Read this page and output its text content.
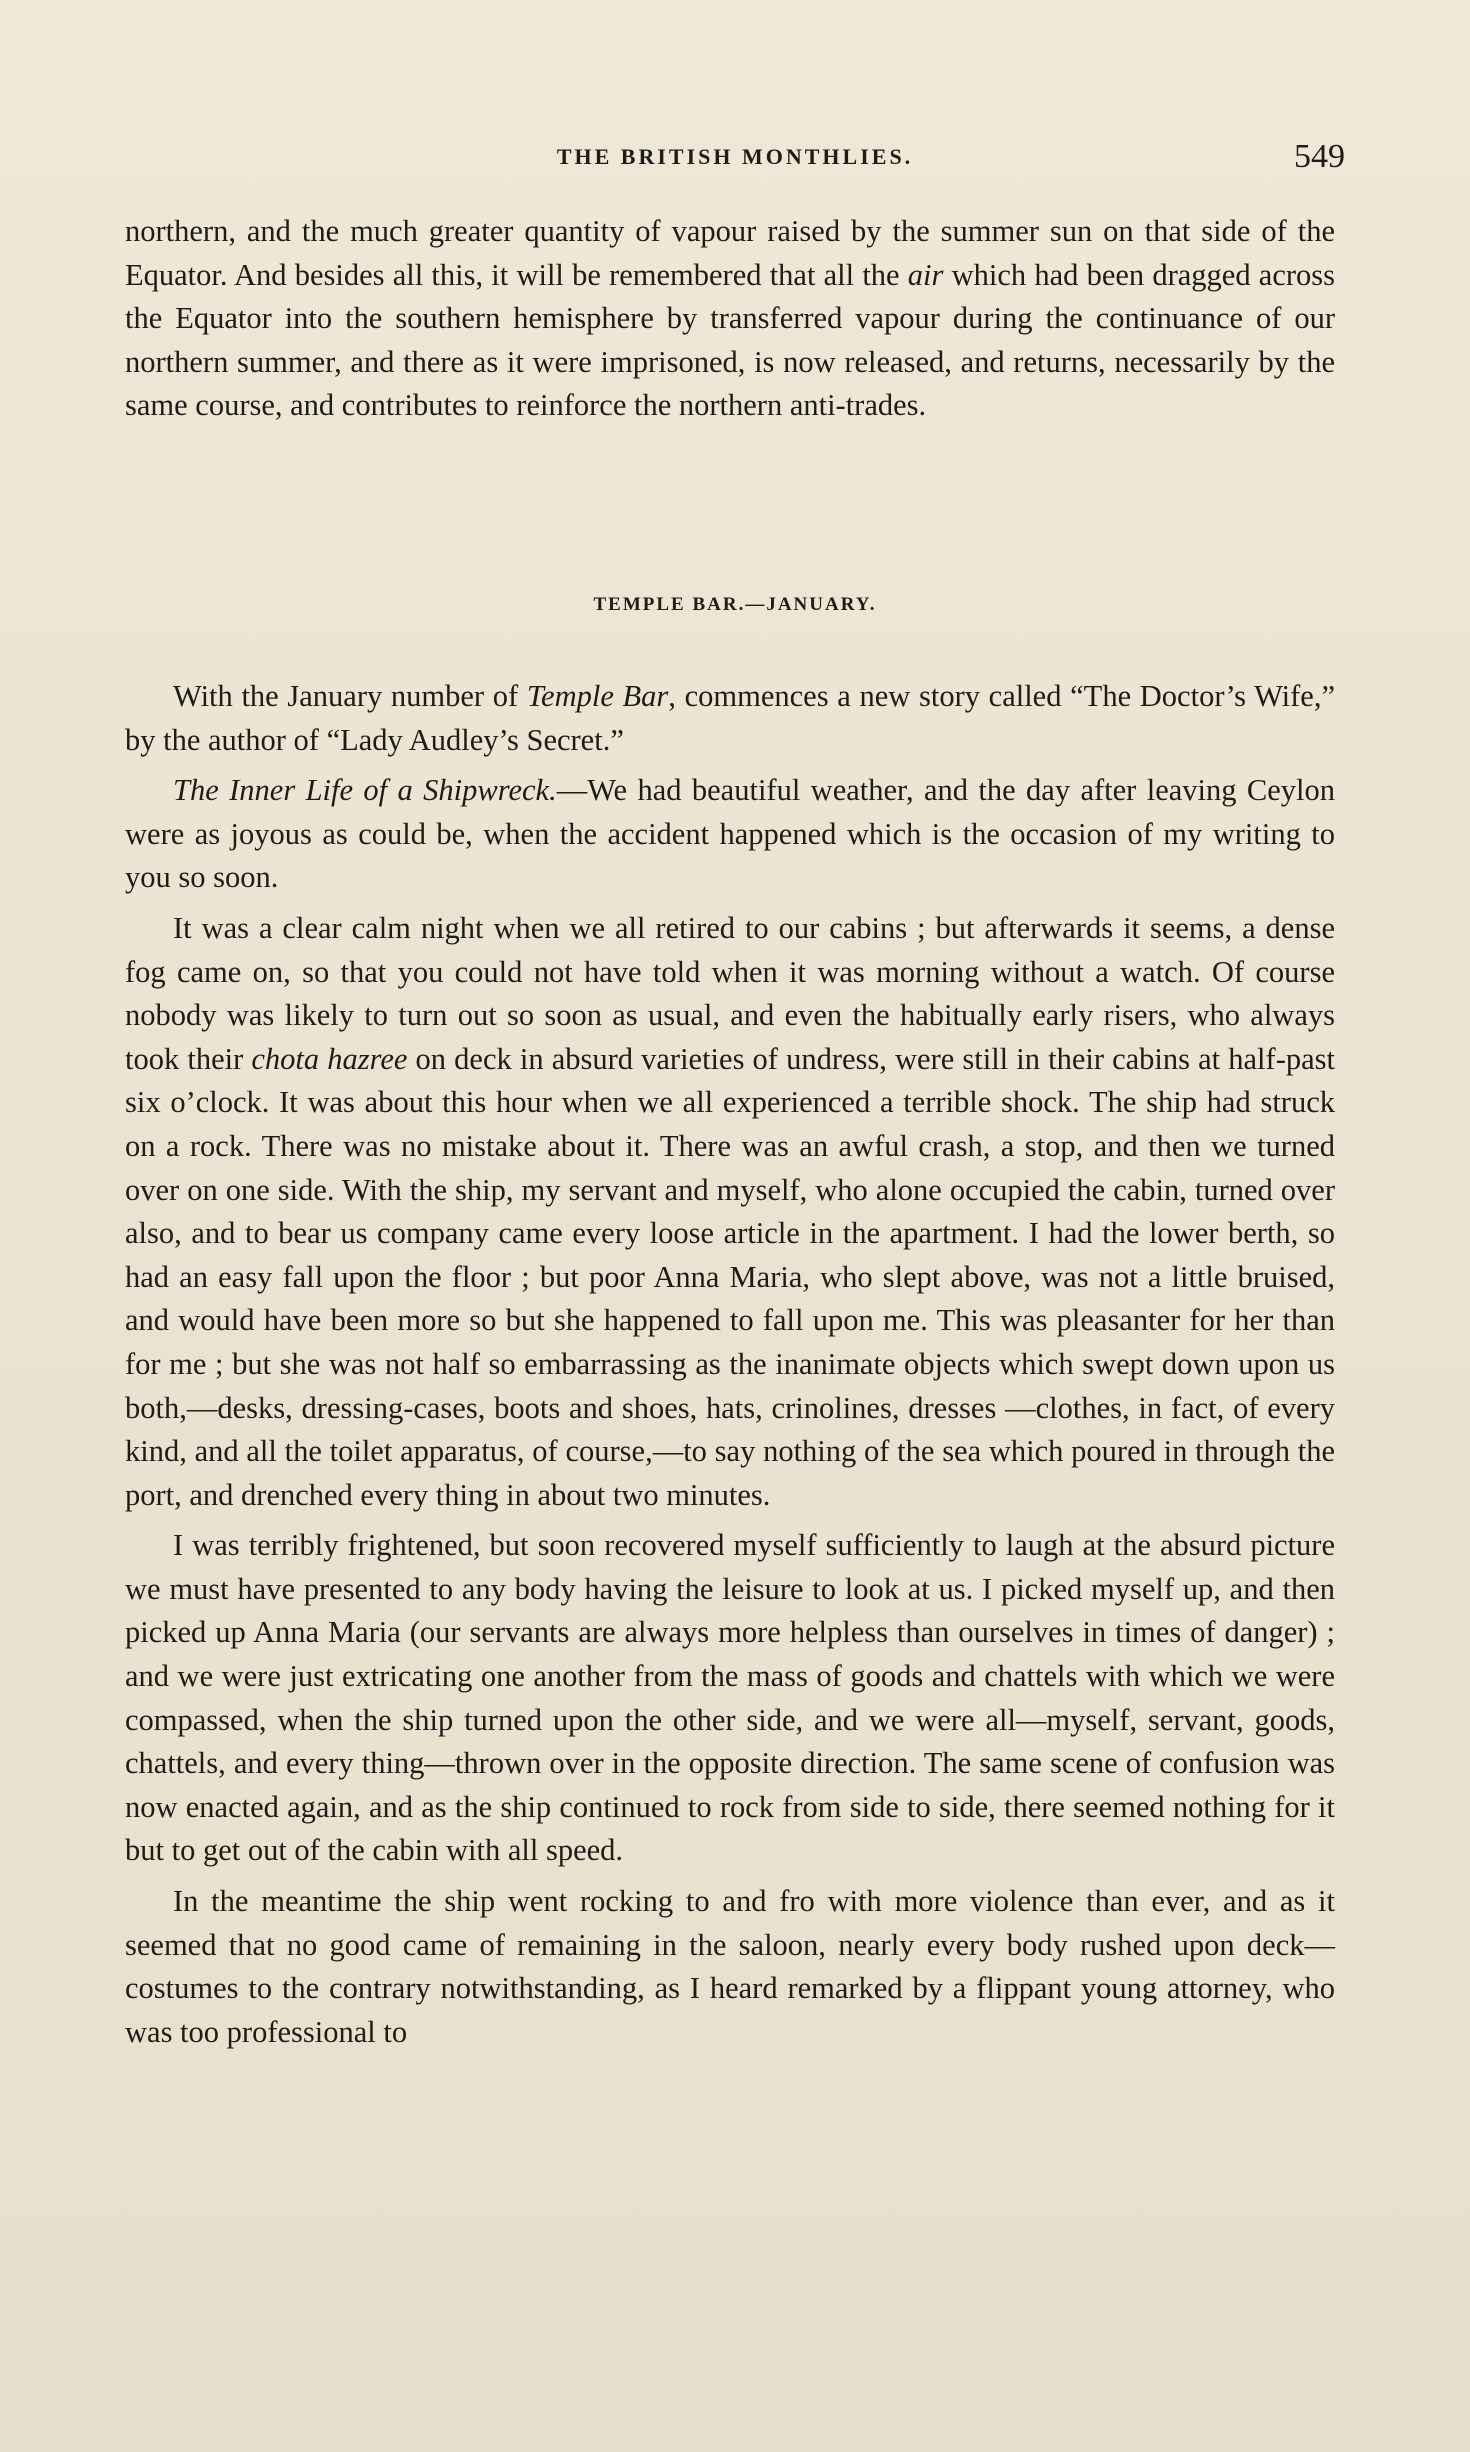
THE BRITISH MONTHLIES.	549

northern, and the much greater quantity of vapour raised by the summer sun on that side of the Equator. And besides all this, it will be remembered that all the air which had been dragged across the Equator into the southern hemisphere by transferred vapour during the continuance of our northern summer, and there as it were imprisoned, is now released, and returns, necessarily by the same course, and contributes to reinforce the northern anti-trades.

TEMPLE BAR.—JANUARY.

With the January number of Temple Bar, commences a new story called “The Doctor’s Wife,” by the author of “Lady Audley’s Secret.”

The Inner Life of a Shipwreck.—We had beautiful weather, and the day after leaving Ceylon were as joyous as could be, when the accident happened which is the occasion of my writing to you so soon.

It was a clear calm night when we all retired to our cabins ; but afterwards it seems, a dense fog came on, so that you could not have told when it was morning without a watch. Of course nobody was likely to turn out so soon as usual, and even the habitually early risers, who always took their chota hazree on deck in absurd varieties of undress, were still in their cabins at half-past six o’clock. It was about this hour when we all experienced a terrible shock. The ship had struck on a rock. There was no mistake about it. There was an awful crash, a stop, and then we turned over on one side. With the ship, my servant and myself, who alone occupied the cabin, turned over also, and to bear us company came every loose article in the apartment. I had the lower berth, so had an easy fall upon the floor ; but poor Anna Maria, who slept above, was not a little bruised, and would have been more so but she happened to fall upon me. This was pleasanter for her than for me ; but she was not half so embarrassing as the inanimate objects which swept down upon us both,—desks, dressing-cases, boots and shoes, hats, crinolines, dresses —clothes, in fact, of every kind, and all the toilet apparatus, of course,—to say nothing of the sea which poured in through the port, and drenched every thing in about two minutes.

I was terribly frightened, but soon recovered myself sufficiently to laugh at the absurd picture we must have presented to any body having the leisure to look at us. I picked myself up, and then picked up Anna Maria (our servants are always more helpless than ourselves in times of danger) ; and we were just extricating one another from the mass of goods and chattels with which we were compassed, when the ship turned upon the other side, and we were all—myself, servant, goods, chattels, and every thing—thrown over in the opposite direction. The same scene of confusion was now enacted again, and as the ship continued to rock from side to side, there seemed nothing for it but to get out of the cabin with all speed.

In the meantime the ship went rocking to and fro with more violence than ever, and as it seemed that no good came of remaining in the saloon, nearly every body rushed upon deck—costumes to the contrary notwithstanding, as I heard remarked by a flippant young attorney, who was too professional to
